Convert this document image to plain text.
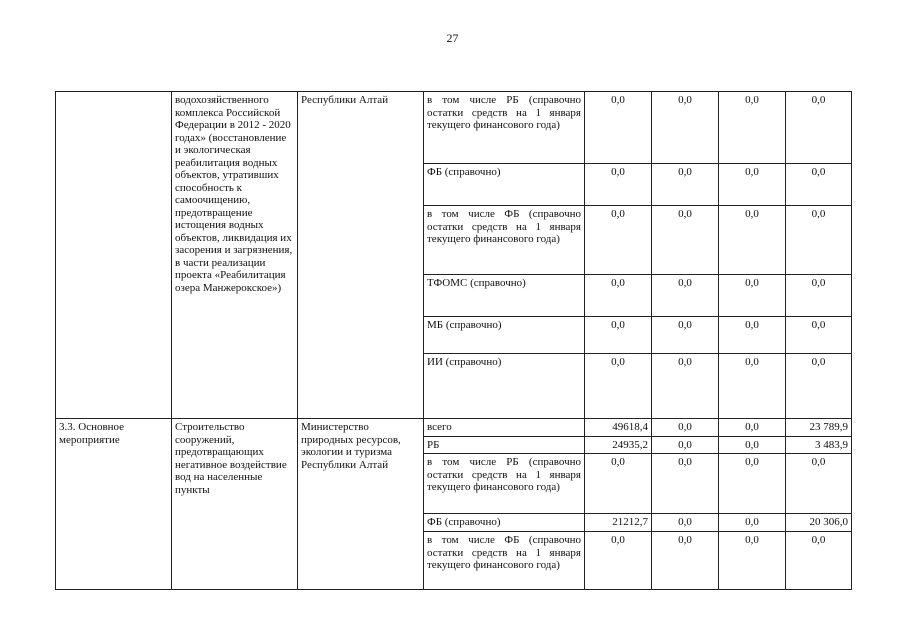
27
	водохозяйственного комплекса Российской Федерации в 2012 - 2020 годах» (восстановление и экологическая реабилитация водных объектов, утративших способность к самоочищению, предотвращение истощения водных объектов, ликвидация их засорения и загрязнения, в части реализации проекта «Реабилитация озера Манжерокское»)	Республики Алтай	в том числе РБ (справочно остатки средств на 1 января текущего финансового года)	0,0	0,0	0,0	0,0
			ФБ (справочно)	0,0	0,0	0,0	0,0
			в том числе ФБ (справочно остатки средств на 1 января текущего финансового года)	0,0	0,0	0,0	0,0
			ТФОМС (справочно)	0,0	0,0	0,0	0,0
			МБ (справочно)	0,0	0,0	0,0	0,0
			ИИ (справочно)	0,0	0,0	0,0	0,0
3.3. Основное мероприятие	Строительство сооружений, предотвращающих негативное воздействие вод на населенные пункты	Министерство природных ресурсов, экологии и туризма Республики Алтай	всего	49618,4	0,0	0,0	23 789,9
			РБ	24935,2	0,0	0,0	3 483,9
			в том числе РБ (справочно остатки средств на 1 января текущего финансового года)	0,0	0,0	0,0	0,0
			ФБ (справочно)	21212,7	0,0	0,0	20 306,0
			в том числе ФБ (справочно остатки средств на 1 января текущего финансового года)	0,0	0,0	0,0	0,0
